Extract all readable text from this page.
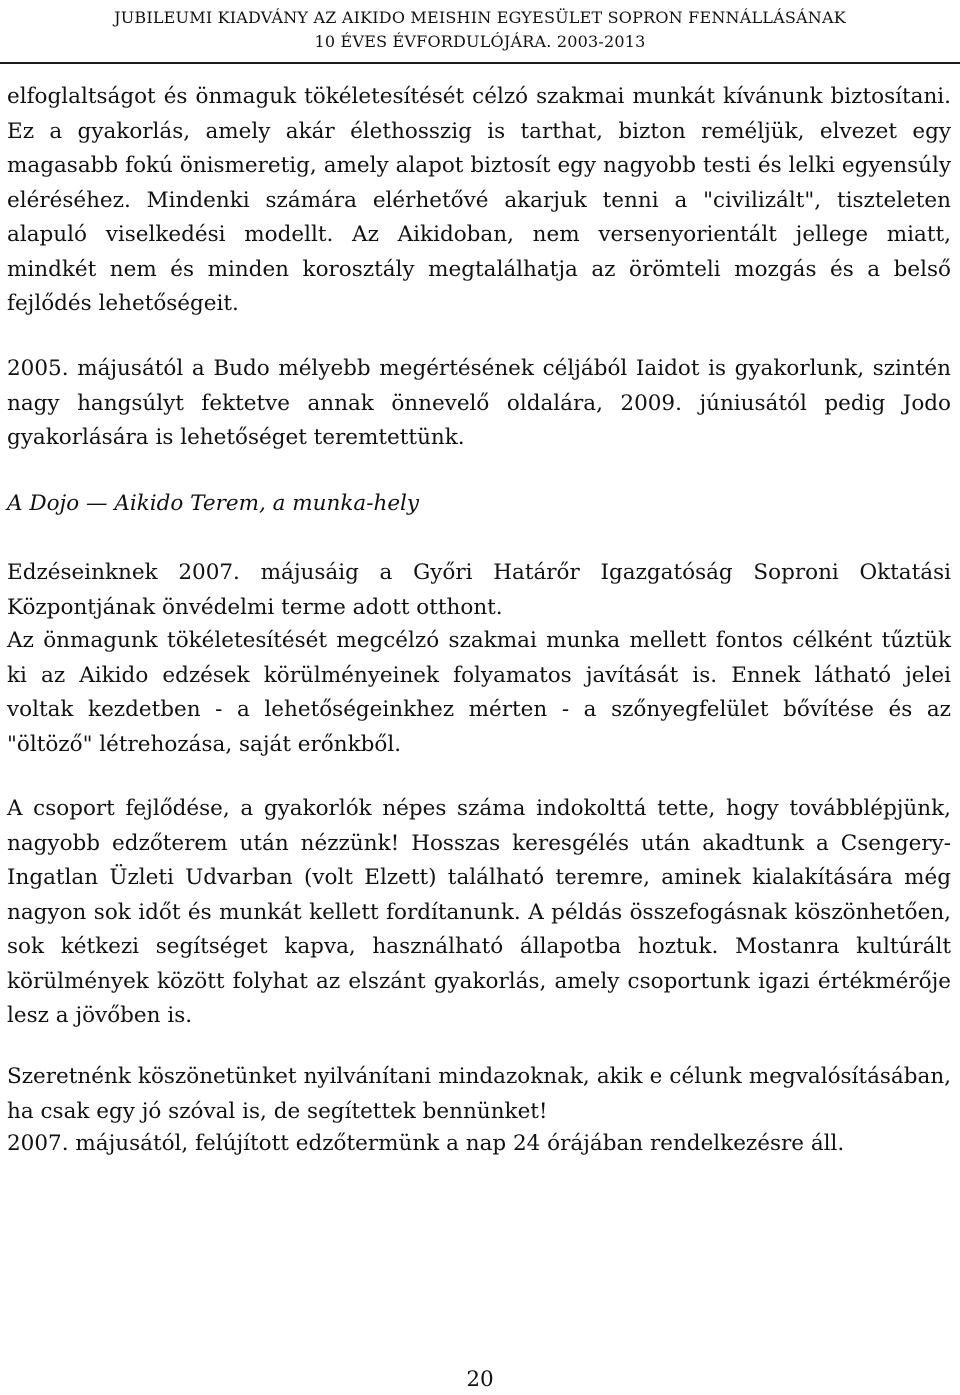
JUBILEUMI KIADVÁNY AZ AIKIDO MEISHIN EGYESÜLET SOPRON FENNÁLLÁSÁNAK
10 ÉVES ÉVFORDULÓJÁRA. 2003-2013

elfoglaltságot és önmaguk tökéletesítését célzó szakmai munkát kívánunk biztosítani. Ez a gyakorlás, amely akár élethosszig is tarthat, bizton reméljük, elvezet egy magasabb fokú önismeretig, amely alapot biztosít egy nagyobb testi és lelki egyensúly eléréséhez. Mindenki számára elérhetővé akarjuk tenni a "civilizált", tiszteleten alapuló viselkedési modellt. Az Aikidoban, nem versenyorientált jellege miatt, mindkét nem és minden korosztály megtalálhatja az örömteli mozgás és a belső fejlődés lehetőségeit.

2005. májusától a Budo mélyebb megértésének céljából Iaidot is gyakorlunk, szintén nagy hangsúlyt fektetve annak önnevelő oldalára, 2009. júniusától pedig Jodo gyakorlására is lehetőséget teremtettünk.

A Dojo — Aikido Terem, a munka-hely

Edzéseinknek 2007. májusáig a Győri Határőr Igazgatóság Soproni Oktatási Központjának önvédelmi terme adott otthont.

Az önmagunk tökéletesítését megcélzó szakmai munka mellett fontos célként tűztük ki az Aikido edzések körülményeinek folyamatos javítását is. Ennek látható jelei voltak kezdetben - a lehetőségeinkhez mérten - a szőnyegfelület bővítése és az "öltöző" létrehozása, saját erőnkből.

A csoport fejlődése, a gyakorlók népes száma indokolttá tette, hogy továbblépjünk, nagyobb edzőterem után nézzünk! Hosszas keresgélés után akadtunk a Csengery-Ingatlan Üzleti Udvarban (volt Elzett) található teremre, aminek kialakítására még nagyon sok időt és munkát kellett fordítanunk. A példás összefogásnak köszönhetően, sok kétkezi segítséget kapva, használható állapotba hoztuk. Mostanra kultúrált körülmények között folyhat az elszánt gyakorlás, amely csoportunk igazi értékmérője lesz a jövőben is.

Szeretnénk köszönetünket nyilvánítani mindazoknak, akik e célunk megvalósításában, ha csak egy jó szóval is, de segítettek bennünket!

2007. májusától, felújított edzőtermünk a nap 24 órájában rendelkezésre áll.

20
